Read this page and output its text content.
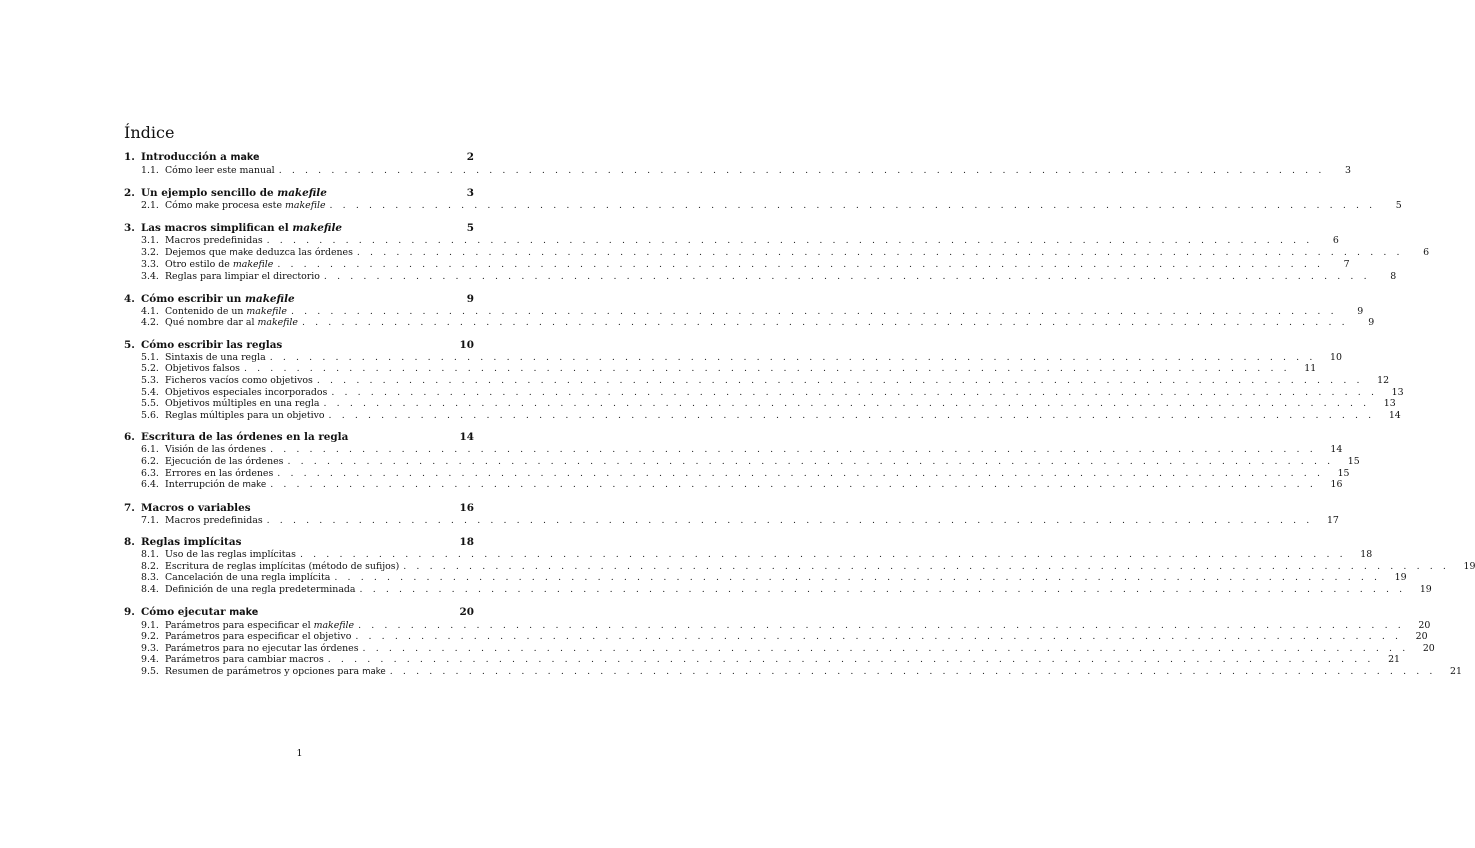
Índice
1. Introducción a make	2
1.1. Cómo leer este manual . . . . . . . . . . . . . . . . . . . . . . . . . . . . . . . . . . . . . . . . . . . . . . . . . . . . . . . . . . . . . . . . . . . . . . . . . . . . . . . .	3
2. Un ejemplo sencillo de makefile	3
2.1. Cómo make procesa este makefile . . . . . . . . . . . . . . . . . . . . . . . . . . . . . . . . . . . . . . . . . . . . . . . . . . . . . . . . . . . . . . . . . . . . . . . . . . . . . . . .	5
3. Las macros simplifican el makefile	5
3.1. Macros predefinidas . . . . . . . . . . . . . . . . . . . . . . . . . . . . . . . . . . . . . . . . . . . . . . . . . . . . . . . . . . . . . . . . . . . . . . . . . . . . . . . .	6
3.2. Dejemos que make deduzca las órdenes . . . . . . . . . . . . . . . . . . . . . . . . . . . . . . . . . . . . . . . . . . . . . . . . . . . . . . . . . . . . . . . . . . . . . . . . . . . . . . . .	6
3.3. Otro estilo de makefile . . . . . . . . . . . . . . . . . . . . . . . . . . . . . . . . . . . . . . . . . . . . . . . . . . . . . . . . . . . . . . . . . . . . . . . . . . . . . . . .	7
3.4. Reglas para limpiar el directorio . . . . . . . . . . . . . . . . . . . . . . . . . . . . . . . . . . . . . . . . . . . . . . . . . . . . . . . . . . . . . . . . . . . . . . . . . . . . . . . .	8
4. Cómo escribir un makefile	9
4.1. Contenido de un makefile . . . . . . . . . . . . . . . . . . . . . . . . . . . . . . . . . . . . . . . . . . . . . . . . . . . . . . . . . . . . . . . . . . . . . . . . . . . . . . . .	9
4.2. Qué nombre dar al makefile . . . . . . . . . . . . . . . . . . . . . . . . . . . . . . . . . . . . . . . . . . . . . . . . . . . . . . . . . . . . . . . . . . . . . . . . . . . . . . . .	9
5. Cómo escribir las reglas	10
5.1. Sintaxis de una regla . . . . . . . . . . . . . . . . . . . . . . . . . . . . . . . . . . . . . . . . . . . . . . . . . . . . . . . . . . . . . . . . . . . . . . . . . . . . . . . .	10
5.2. Objetivos falsos . . . . . . . . . . . . . . . . . . . . . . . . . . . . . . . . . . . . . . . . . . . . . . . . . . . . . . . . . . . . . . . . . . . . . . . . . . . . . . . .	11
5.3. Ficheros vacíos como objetivos . . . . . . . . . . . . . . . . . . . . . . . . . . . . . . . . . . . . . . . . . . . . . . . . . . . . . . . . . . . . . . . . . . . . . . . . . . . . . . . .	12
5.4. Objetivos especiales incorporados . . . . . . . . . . . . . . . . . . . . . . . . . . . . . . . . . . . . . . . . . . . . . . . . . . . . . . . . . . . . . . . . . . . . . . . . . . . . . . . .	13
5.5. Objetivos múltiples en una regla . . . . . . . . . . . . . . . . . . . . . . . . . . . . . . . . . . . . . . . . . . . . . . . . . . . . . . . . . . . . . . . . . . . . . . . . . . . . . . . .	13
5.6. Reglas múltiples para un objetivo . . . . . . . . . . . . . . . . . . . . . . . . . . . . . . . . . . . . . . . . . . . . . . . . . . . . . . . . . . . . . . . . . . . . . . . . . . . . . . . .	14
6. Escritura de las órdenes en la regla	14
6.1. Visión de las órdenes . . . . . . . . . . . . . . . . . . . . . . . . . . . . . . . . . . . . . . . . . . . . . . . . . . . . . . . . . . . . . . . . . . . . . . . . . . . . . . . .	14
6.2. Ejecución de las órdenes . . . . . . . . . . . . . . . . . . . . . . . . . . . . . . . . . . . . . . . . . . . . . . . . . . . . . . . . . . . . . . . . . . . . . . . . . . . . . . . .	15
6.3. Errores en las órdenes . . . . . . . . . . . . . . . . . . . . . . . . . . . . . . . . . . . . . . . . . . . . . . . . . . . . . . . . . . . . . . . . . . . . . . . . . . . . . . . .	15
6.4. Interrupción de make . . . . . . . . . . . . . . . . . . . . . . . . . . . . . . . . . . . . . . . . . . . . . . . . . . . . . . . . . . . . . . . . . . . . . . . . . . . . . . . .	16
7. Macros o variables	16
7.1. Macros predefinidas . . . . . . . . . . . . . . . . . . . . . . . . . . . . . . . . . . . . . . . . . . . . . . . . . . . . . . . . . . . . . . . . . . . . . . . . . . . . . . . .	17
8. Reglas implícitas	18
8.1. Uso de las reglas implícitas . . . . . . . . . . . . . . . . . . . . . . . . . . . . . . . . . . . . . . . . . . . . . . . . . . . . . . . . . . . . . . . . . . . . . . . . . . . . . . . .	18
8.2. Escritura de reglas implícitas (método de sufijos) . . . . . . . . . . . . . . . . . . . . . . . . . . . . . . . . . . . . . . . . . . . . . . . . . . . . . . . . . . . . . . . . . . . . . . . . . . . . . . . .	19
8.3. Cancelación de una regla implícita . . . . . . . . . . . . . . . . . . . . . . . . . . . . . . . . . . . . . . . . . . . . . . . . . . . . . . . . . . . . . . . . . . . . . . . . . . . . . . . .	19
8.4. Definición de una regla predeterminada . . . . . . . . . . . . . . . . . . . . . . . . . . . . . . . . . . . . . . . . . . . . . . . . . . . . . . . . . . . . . . . . . . . . . . . . . . . . . . . .	19
9. Cómo ejecutar make	20
9.1. Parámetros para especificar el makefile . . . . . . . . . . . . . . . . . . . . . . . . . . . . . . . . . . . . . . . . . . . . . . . . . . . . . . . . . . . . . . . . . . . . . . . . . . . . . . . .	20
9.2. Parámetros para especificar el objetivo . . . . . . . . . . . . . . . . . . . . . . . . . . . . . . . . . . . . . . . . . . . . . . . . . . . . . . . . . . . . . . . . . . . . . . . . . . . . . . . .	20
9.3. Parámetros para no ejecutar las órdenes . . . . . . . . . . . . . . . . . . . . . . . . . . . . . . . . . . . . . . . . . . . . . . . . . . . . . . . . . . . . . . . . . . . . . . . . . . . . . . . .	20
9.4. Parámetros para cambiar macros . . . . . . . . . . . . . . . . . . . . . . . . . . . . . . . . . . . . . . . . . . . . . . . . . . . . . . . . . . . . . . . . . . . . . . . . . . . . . . . .	21
9.5. Resumen de parámetros y opciones para make . . . . . . . . . . . . . . . . . . . . . . . . . . . . . . . . . . . . . . . . . . . . . . . . . . . . . . . . . . . . . . . . . . . . . . . . . . . . . . . .	21
1
